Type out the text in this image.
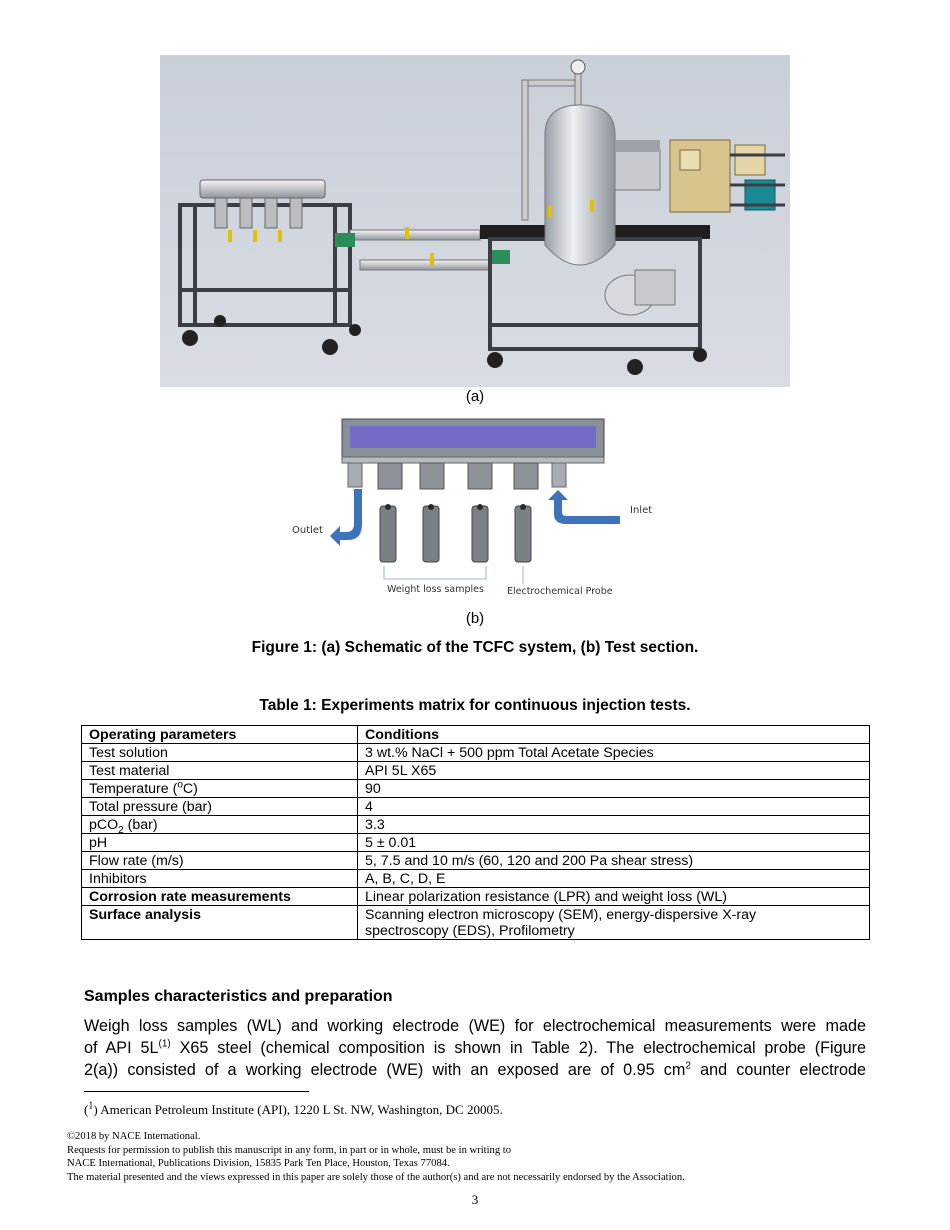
(a)
Outlet
Inlet
Weight loss samples Electrochemical Probe
(b)
Figure 1: (a) Schematic of the TCFC system, (b) Test section.
Table 1: Experiments matrix for continuous injection tests.
Operating parameters	Conditions
Test solution	3 wt.% NaCl + 500 ppm Total Acetate Species
Test material	API 5L X65
Temperature ($^o$C)	90
Total pressure (bar)	4
pCO$_2$ (bar)	3.3
pH	5 ± 0.01
Flow rate (m/s)	5, 7.5 and 10 m/s (60, 120 and 200 Pa shear stress)
Inhibitors	A, B, C, D, E
Corrosion rate measurements	Linear polarization resistance (LPR) and weight loss (WL)
Surface analysis	Scanning electron microscopy (SEM), energy-dispersive X-ray
spectroscopy (EDS), Profilometry
Samples characteristics and preparation
Weigh loss samples (WL) and working electrode (WE) for electrochemical measurements were made
of API $5L^{(1)}$ X65 steel (chemical composition is shown in Table 2). The electrochemical probe (Figure
2(a)) consisted of a working electrode (WE) with an exposed are of 0.95 $cm^2$ and counter electrode
($^1$) American Petroleum Institute (API), 1220 L St. NW, Washington, DC 20005.
©2018 by NACE International.
Requests for permission to publish this manuscript in any form, in part or in whole, must be in writing to
NACE International, Publications Division, 15835 Park Ten Place, Houston, Texas 77084.
The material presented and the views expressed in this paper are solely those of the author(s) and are not necessarily endorsed by the Association.
3
